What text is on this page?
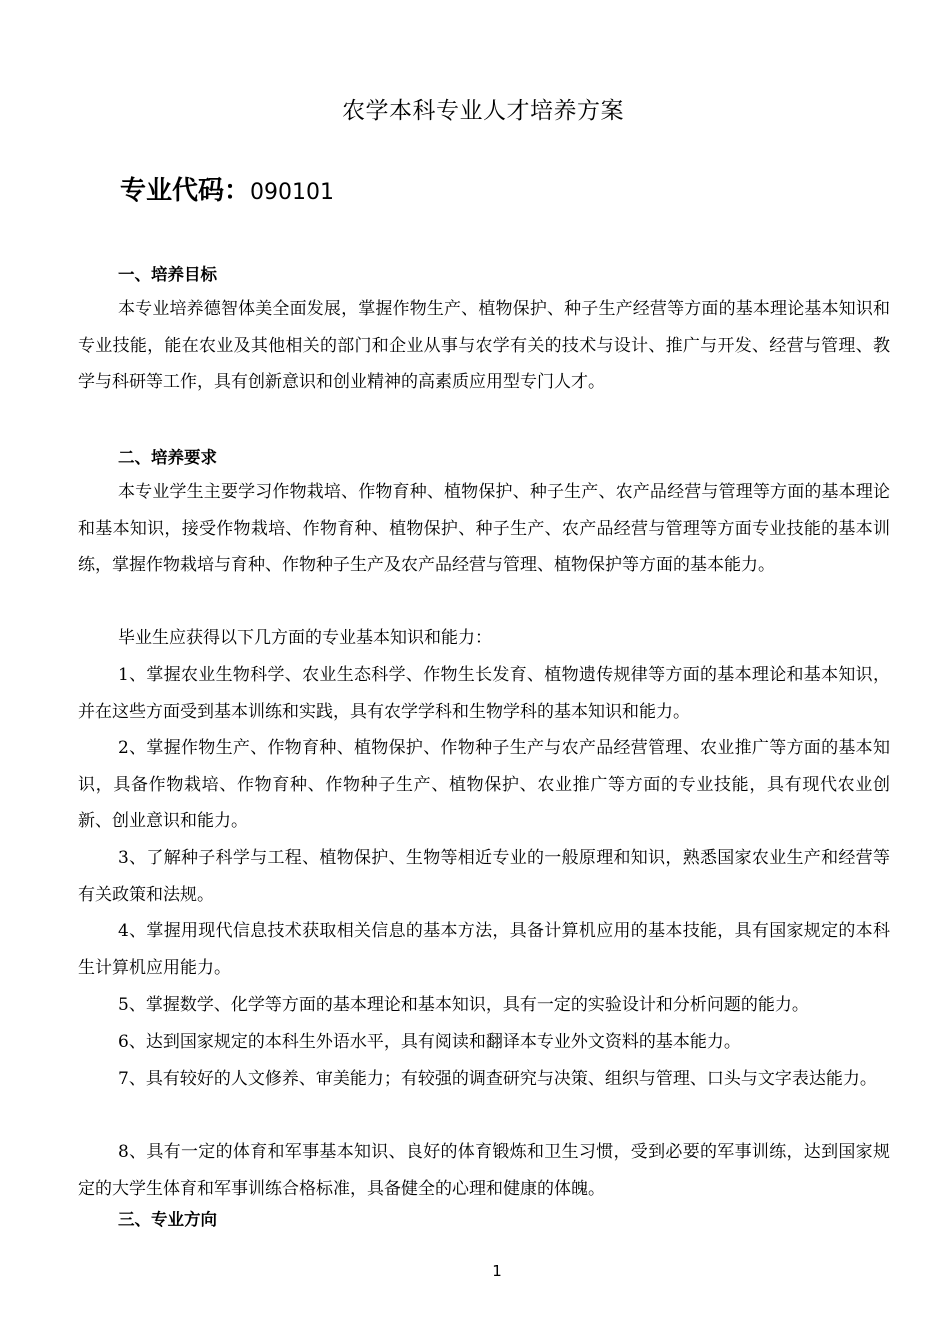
农学本科专业人才培养方案
专业代码：090101
一、培养目标

本专业培养德智体美全面发展，掌握作物生产、植物保护、种子生产经营等方面的基本理论基本知识和专业技能，能在农业及其他相关的部门和企业从事与农学有关的技术与设计、推广与开发、经营与管理、教学与科研等工作，具有创新意识和创业精神的高素质应用型专门人才。

二、培养要求

本专业学生主要学习作物栽培、作物育种、植物保护、种子生产、农产品经营与管理等方面的基本理论和基本知识，接受作物栽培、作物育种、植物保护、种子生产、农产品经营与管理等方面专业技能的基本训练，掌握作物栽培与育种、作物种子生产及农产品经营与管理、植物保护等方面的基本能力。

毕业生应获得以下几方面的专业基本知识和能力：

1、掌握农业生物科学、农业生态科学、作物生长发育、植物遗传规律等方面的基本理论和基本知识，并在这些方面受到基本训练和实践，具有农学学科和生物学科的基本知识和能力。

2、掌握作物生产、作物育种、植物保护、作物种子生产与农产品经营管理、农业推广等方面的基本知识，具备作物栽培、作物育种、作物种子生产、植物保护、农业推广等方面的专业技能，具有现代农业创新、创业意识和能力。

3、了解种子科学与工程、植物保护、生物等相近专业的一般原理和知识，熟悉国家农业生产和经营等有关政策和法规。

4、掌握用现代信息技术获取相关信息的基本方法，具备计算机应用的基本技能，具有国家规定的本科生计算机应用能力。

5、掌握数学、化学等方面的基本理论和基本知识，具有一定的实验设计和分析问题的能力。

6、达到国家规定的本科生外语水平，具有阅读和翻译本专业外文资料的基本能力。

7、具有较好的人文修养、审美能力；有较强的调查研究与决策、组织与管理、口头与文字表达能力。

8、具有一定的体育和军事基本知识、良好的体育锻炼和卫生习惯，受到必要的军事训练，达到国家规定的大学生体育和军事训练合格标准，具备健全的心理和健康的体魄。

三、专业方向
1
